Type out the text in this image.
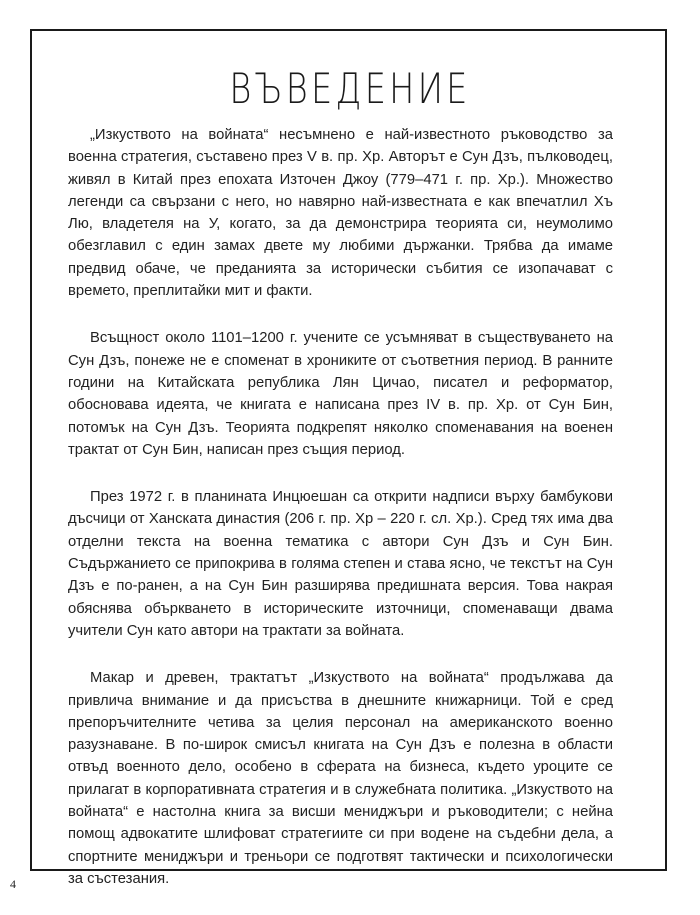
ВЪВЕДЕНИЕ

„Изкуството на войната“ несъмнено е най-известното ръководство за военна стратегия, съставено през V в. пр. Хр. Авторът е Сун Дзъ, пълководец, живял в Китай през епохата Източен Джоу (779–471 г. пр. Хр.). Множество легенди са свързани с него, но навярно най-известната е как впечатлил Хъ Лю, владетеля на У, когато, за да демонстрира теорията си, неумолимо обезглавил с един замах двете му любими държанки. Трябва да имаме предвид обаче, че преданията за исторически събития се изопачават с времето, преплитайки мит и факти.

Всъщност около 1101–1200 г. учените се усъмняват в съществуването на Сун Дзъ, понеже не е споменат в хрониките от съответния период. В ранните години на Китайската република Лян Цичао, писател и реформатор, обосновава идеята, че книгата е написана през IV в. пр. Хр. от Сун Бин, потомък на Сун Дзъ. Теорията подкрепят няколко споменавания на военен трактат от Сун Бин, написан през същия период.

През 1972 г. в планината Инцюешан са открити надписи върху бамбукови дъсчици от Ханската династия (206 г. пр. Хр – 220 г. сл. Хр.). Сред тях има два отделни текста на военна тематика с автори Сун Дзъ и Сун Бин. Съдържанието се припокрива в голяма степен и става ясно, че текстът на Сун Дзъ е по-ранен, а на Сун Бин разширява предишната версия. Това накрая обяснява объркването в историческите източници, споменаващи двама учители Сун като автори на трактати за войната.

Макар и древен, трактатът „Изкуството на войната“ продължава да привлича внимание и да присъства в днешните книжарници. Той е сред препоръчителните четива за целия персонал на американското военно разузнаване. В по-широк смисъл книгата на Сун Дзъ е полезна в области отвъд военното дело, особено в сферата на бизнеса, където уроците се прилагат в корпоративната стратегия и в служебната политика. „Изкуството на войната“ е настолна книга за висши мениджъри и ръководители; с нейна помощ адвокатите шлифоват стратегиите си при водене на съдебни дела, а спортните мениджъри и треньори се подготвят тактически и психологически за състезания.

4
